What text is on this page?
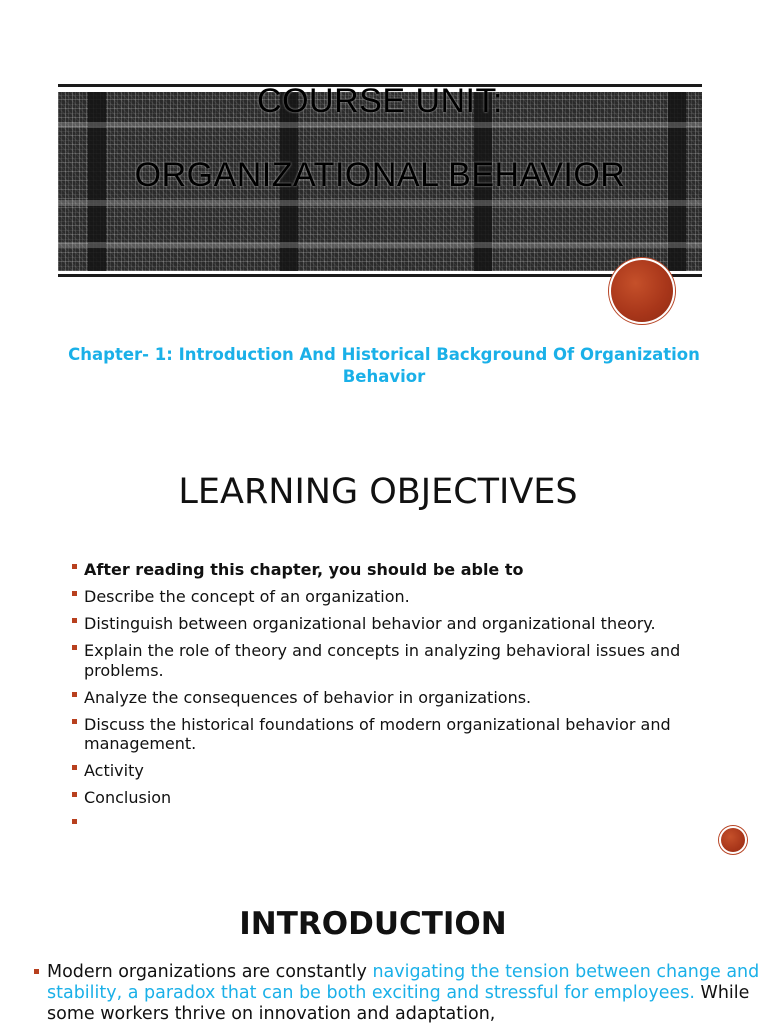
COURSE UNIT:
ORGANIZATIONAL BEHAVIOR

Chapter- 1: Introduction And Historical Background Of Organization Behavior

LEARNING OBJECTIVES
After reading this chapter, you should be able to
Describe the concept of an organization.
Distinguish between organizational behavior and organizational theory.
Explain the role of theory and concepts in analyzing behavioral issues and problems.
Analyze the consequences of behavior in organizations.
Discuss the historical foundations of modern organizational behavior and management.
Activity
Conclusion
INTRODUCTION

Modern organizations are constantly navigating the tension between change and stability, a paradox that can be both exciting and stressful for employees. While some workers thrive on innovation and adaptation,
